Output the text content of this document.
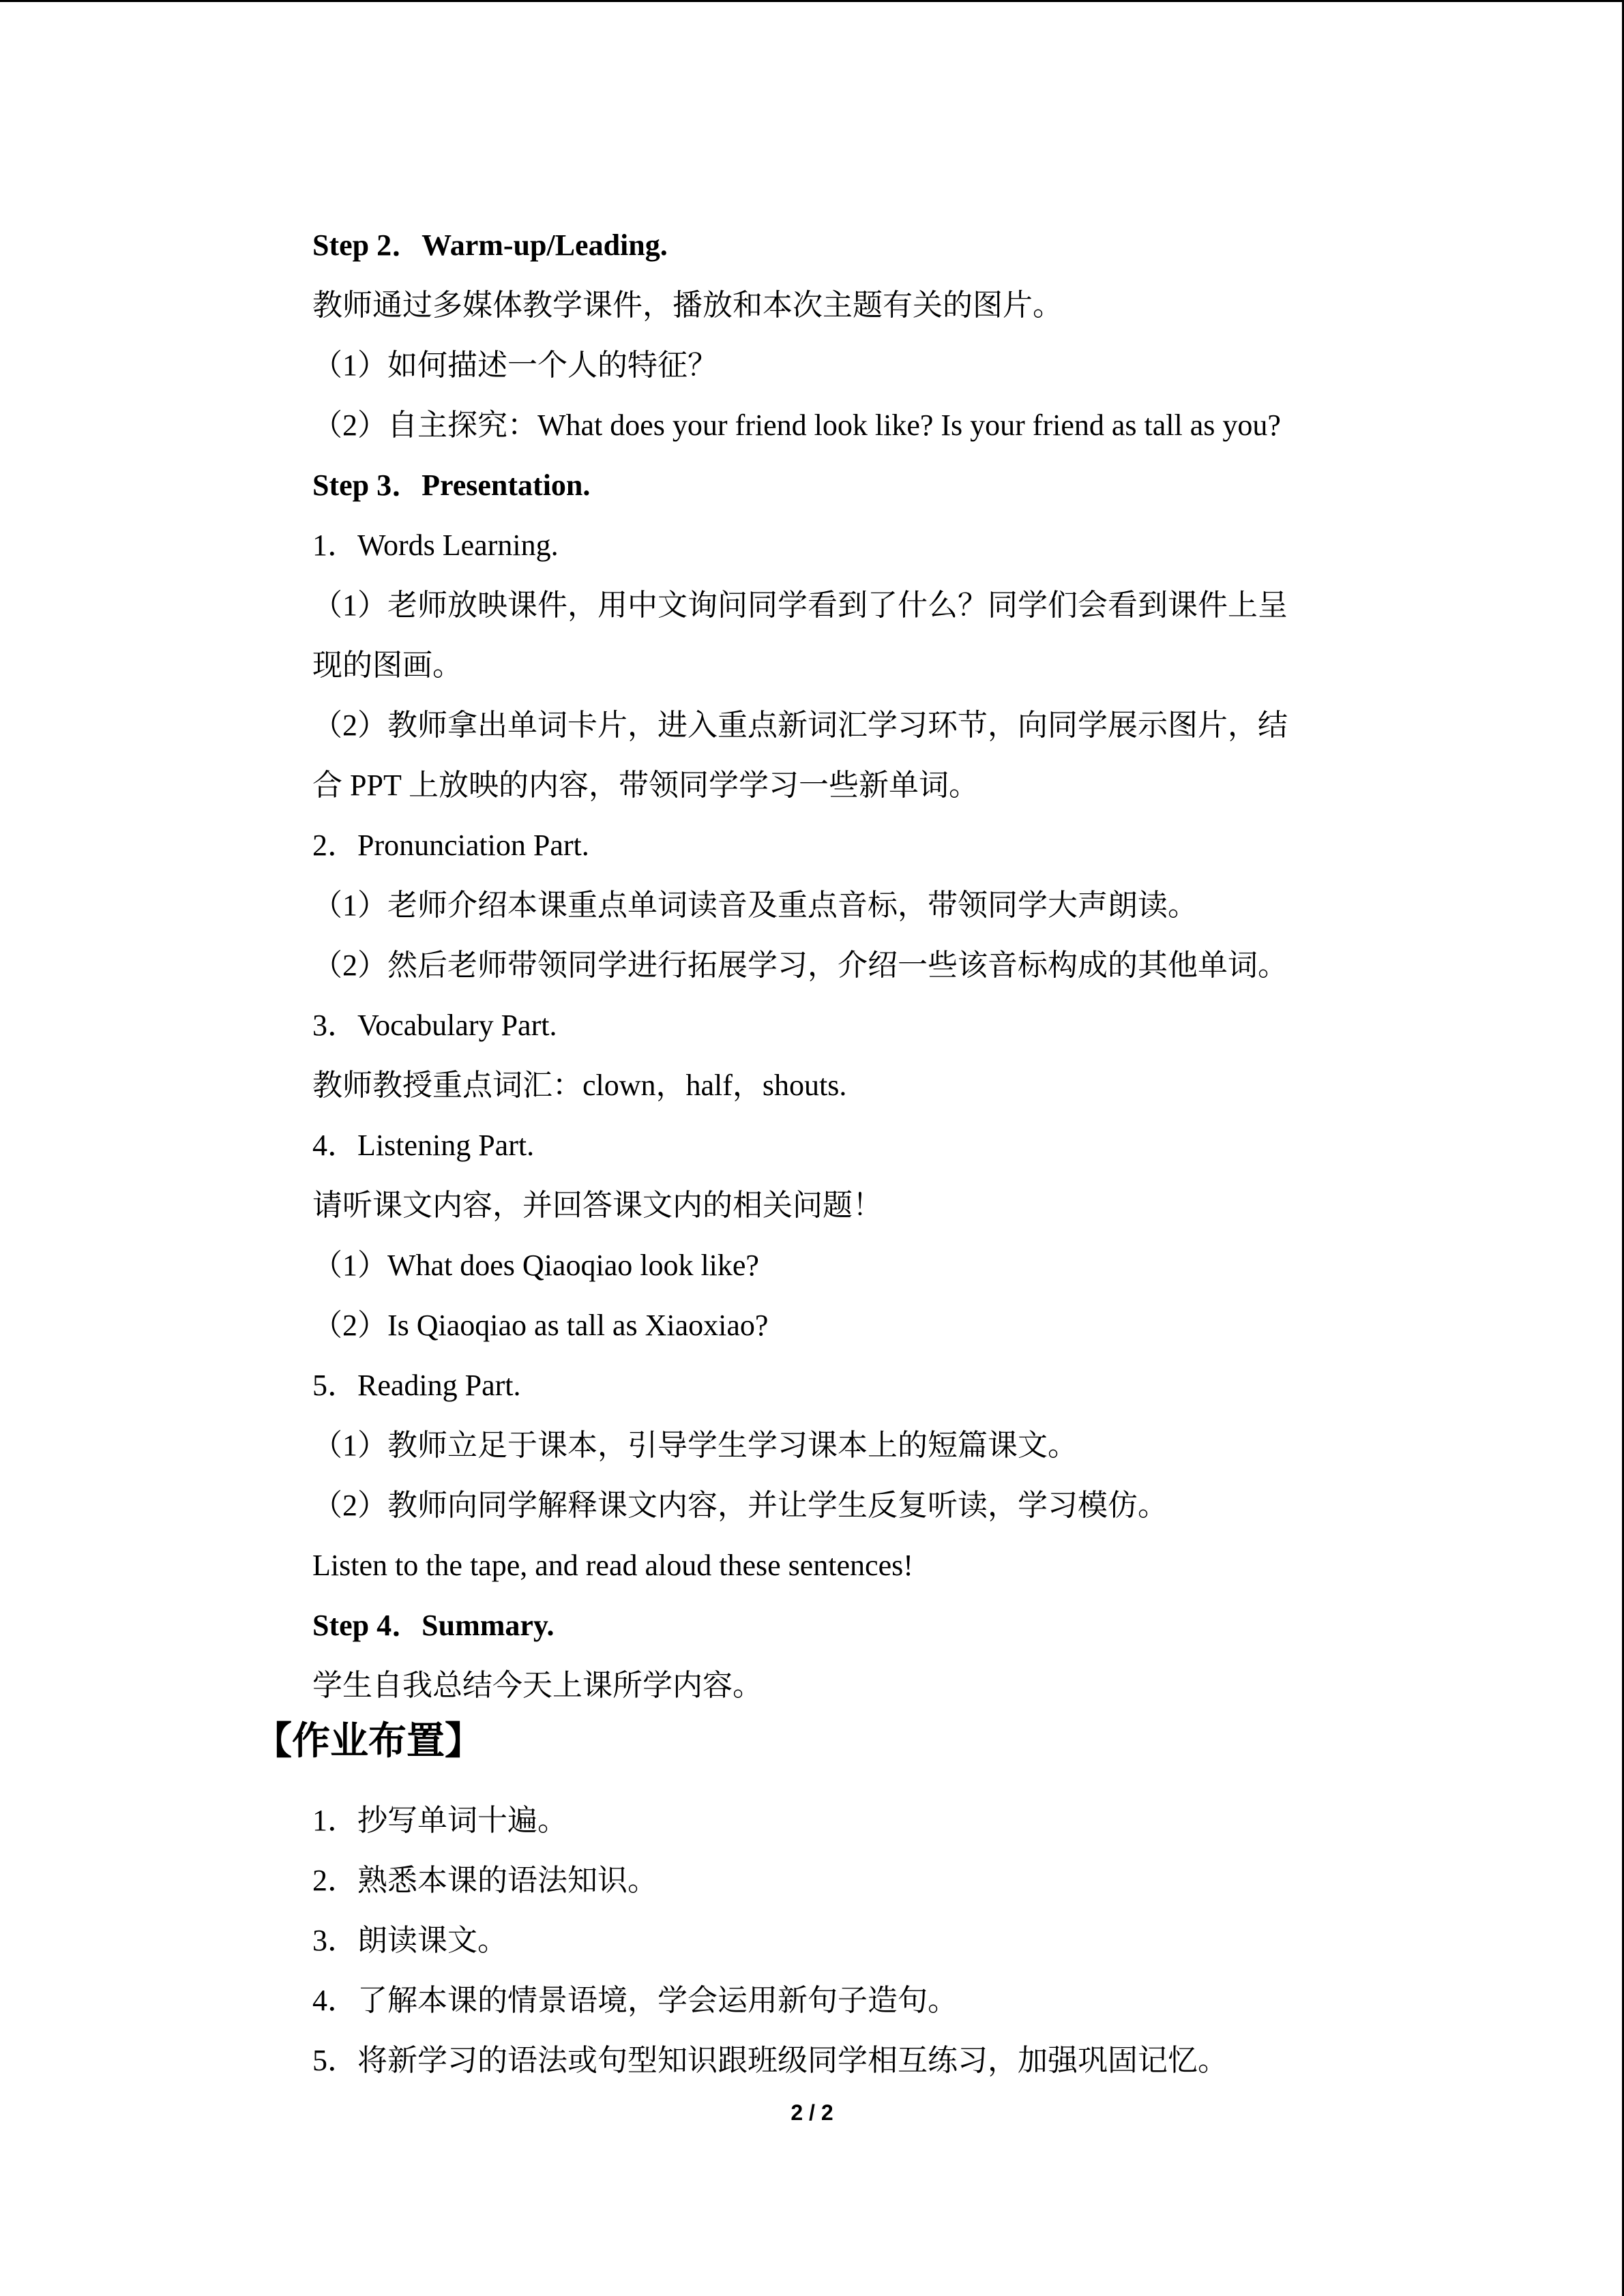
Step 2．Warm-up/Leading.
教师通过多媒体教学课件，播放和本次主题有关的图片。
（1）如何描述一个人的特征？
（2）自主探究：What does your friend look like? Is your friend as tall as you?
Step 3．Presentation.
1．Words Learning.
（1）老师放映课件，用中文询问同学看到了什么？同学们会看到课件上呈
现的图画。
（2）教师拿出单词卡片，进入重点新词汇学习环节，向同学展示图片，结
合 PPT 上放映的内容，带领同学学习一些新单词。
2．Pronunciation Part.
（1）老师介绍本课重点单词读音及重点音标，带领同学大声朗读。
（2）然后老师带领同学进行拓展学习，介绍一些该音标构成的其他单词。
3．Vocabulary Part.
教师教授重点词汇：clown，half，shouts.
4．Listening Part.
请听课文内容，并回答课文内的相关问题！
（1）What does Qiaoqiao look like?
（2）Is Qiaoqiao as tall as Xiaoxiao?
5．Reading Part.
（1）教师立足于课本，引导学生学习课本上的短篇课文。
（2）教师向同学解释课文内容，并让学生反复听读，学习模仿。
Listen to the tape, and read aloud these sentences!
Step 4．Summary.
学生自我总结今天上课所学内容。
【作业布置】
1．抄写单词十遍。
2．熟悉本课的语法知识。
3．朗读课文。
4．了解本课的情景语境，学会运用新句子造句。
5．将新学习的语法或句型知识跟班级同学相互练习，加强巩固记忆。
2 / 2
